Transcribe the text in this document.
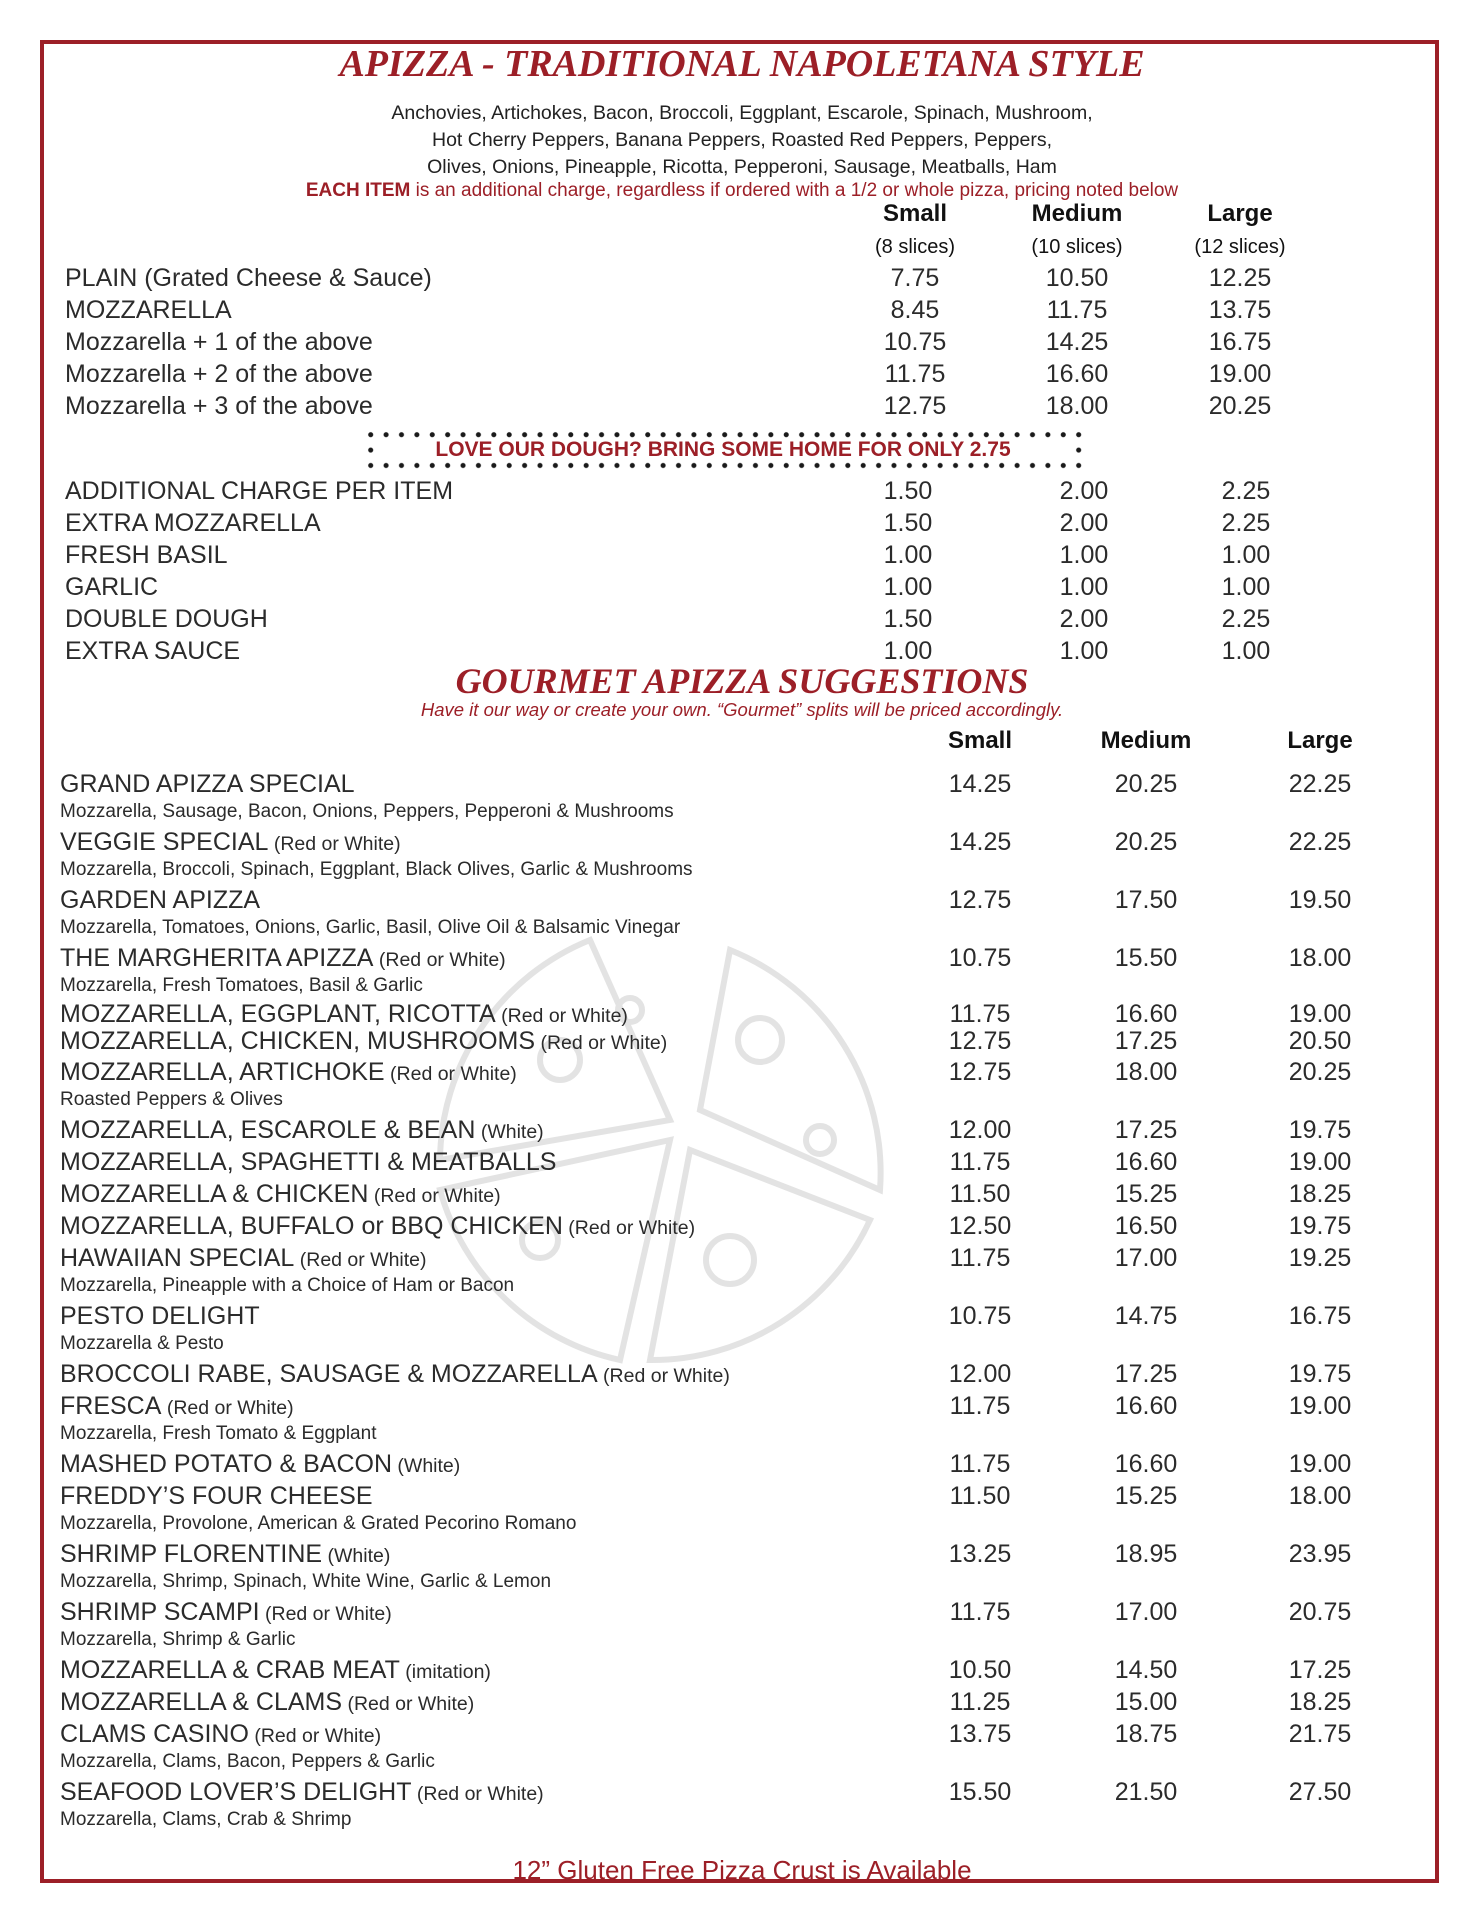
APIZZA - TRADITIONAL NAPOLETANA STYLE
Anchovies, Artichokes, Bacon, Broccoli, Eggplant, Escarole, Spinach, Mushroom,
Hot Cherry Peppers, Banana Peppers, Roasted Red Peppers, Peppers,
Olives, Onions, Pineapple, Ricotta, Pepperoni, Sausage, Meatballs, Ham
EACH ITEM is an additional charge, regardless if ordered with a 1/2 or whole pizza, pricing noted below
Small	Medium	Large
(8 slices)	(10 slices)	(12 slices)
PLAIN (Grated Cheese & Sauce)	7.75	10.50	12.25
MOZZARELLA	8.45	11.75	13.75
Mozzarella + 1 of the above	10.75	14.25	16.75
Mozzarella + 2 of the above	11.75	16.60	19.00
Mozzarella + 3 of the above	12.75	18.00	20.25
LOVE OUR DOUGH? BRING SOME HOME FOR ONLY 2.75
ADDITIONAL CHARGE PER ITEM	1.50	2.00	2.25
EXTRA MOZZARELLA	1.50	2.00	2.25
FRESH BASIL	1.00	1.00	1.00
GARLIC	1.00	1.00	1.00
DOUBLE DOUGH	1.50	2.00	2.25
EXTRA SAUCE	1.00	1.00	1.00
GOURMET APIZZA SUGGESTIONS
Have it our way or create your own. “Gourmet” splits will be priced accordingly.
Small	Medium	Large
GRAND APIZZA SPECIAL
Mozzarella, Sausage, Bacon, Onions, Peppers, Pepperoni & Mushrooms
14.25	20.25	22.25
VEGGIE SPECIAL (Red or White)
Mozzarella, Broccoli, Spinach, Eggplant, Black Olives, Garlic & Mushrooms
14.25	20.25	22.25
GARDEN APIZZA
Mozzarella, Tomatoes, Onions, Garlic, Basil, Olive Oil & Balsamic Vinegar
12.75	17.50	19.50
THE MARGHERITA APIZZA (Red or White)
Mozzarella, Fresh Tomatoes, Basil & Garlic
10.75	15.50	18.00
MOZZARELLA, EGGPLANT, RICOTTA (Red or White)	11.75	16.60	19.00
MOZZARELLA, CHICKEN, MUSHROOMS (Red or White)	12.75	17.25	20.50
MOZZARELLA, ARTICHOKE (Red or White)
Roasted Peppers & Olives
12.75	18.00	20.25
MOZZARELLA, ESCAROLE & BEAN (White)	12.00	17.25	19.75
MOZZARELLA, SPAGHETTI & MEATBALLS	11.75	16.60	19.00
MOZZARELLA & CHICKEN (Red or White)	11.50	15.25	18.25
MOZZARELLA, BUFFALO or BBQ CHICKEN (Red or White)	12.50	16.50	19.75
HAWAIIAN SPECIAL (Red or White)
Mozzarella, Pineapple with a Choice of Ham or Bacon
11.75	17.00	19.25
PESTO DELIGHT
Mozzarella & Pesto
10.75	14.75	16.75
BROCCOLI RABE, SAUSAGE & MOZZARELLA (Red or White)	12.00	17.25	19.75
FRESCA (Red or White)
Mozzarella, Fresh Tomato & Eggplant
11.75	16.60	19.00
MASHED POTATO & BACON (White)	11.75	16.60	19.00
FREDDY’S FOUR CHEESE
Mozzarella, Provolone, American & Grated Pecorino Romano
11.50	15.25	18.00
SHRIMP FLORENTINE (White)
Mozzarella, Shrimp, Spinach, White Wine, Garlic & Lemon
13.25	18.95	23.95
SHRIMP SCAMPI (Red or White)
Mozzarella, Shrimp & Garlic
11.75	17.00	20.75
MOZZARELLA & CRAB MEAT (imitation)	10.50	14.50	17.25
MOZZARELLA & CLAMS (Red or White)	11.25	15.00	18.25
CLAMS CASINO (Red or White)
Mozzarella, Clams, Bacon, Peppers & Garlic
13.75	18.75	21.75
SEAFOOD LOVER’S DELIGHT (Red or White)
Mozzarella, Clams, Crab & Shrimp
15.50	21.50	27.50
12” Gluten Free Pizza Crust is Available
